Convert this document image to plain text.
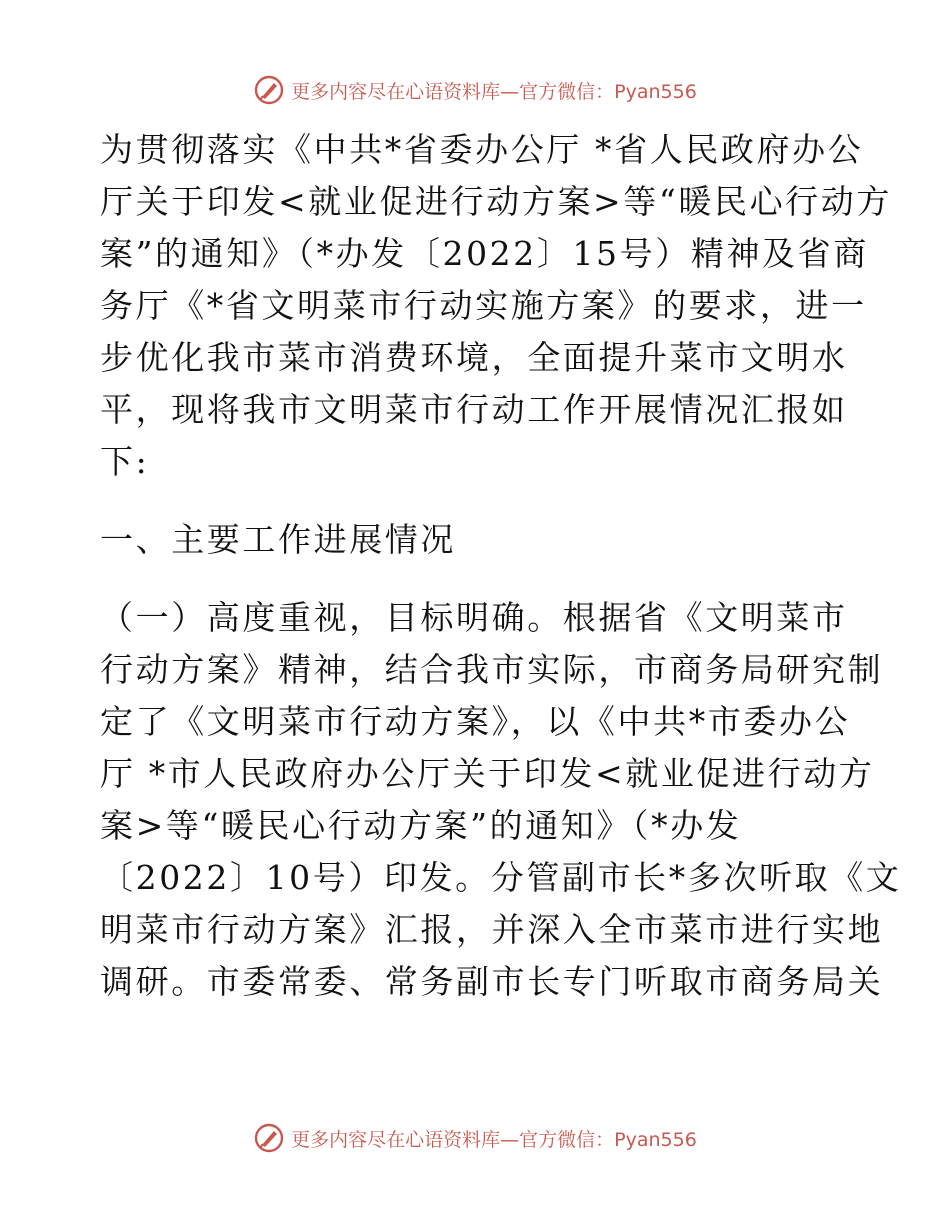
更多内容尽在心语资料库—官方微信：Pyan556
为贯彻落实《中共*省委办公厅 *省人民政府办公
厅关于印发<就业促进行动方案>等“暖民心行动方
案”的通知》（*办发〔2022〕15号）精神及省商
务厅《*省文明菜市行动实施方案》的要求，进一
步优化我市菜市消费环境，全面提升菜市文明水
平，现将我市文明菜市行动工作开展情况汇报如
下:
一、主要工作进展情况
（一）高度重视，目标明确。根据省《文明菜市
行动方案》精神，结合我市实际，市商务局研究制
定了《文明菜市行动方案》，以《中共*市委办公
厅 *市人民政府办公厅关于印发<就业促进行动方
案>等“暖民心行动方案”的通知》（*办发
〔2022〕10号）印发。分管副市长*多次听取《文
明菜市行动方案》汇报，并深入全市菜市进行实地
调研。市委常委、常务副市长专门听取市商务局关
更多内容尽在心语资料库—官方微信：Pyan556
